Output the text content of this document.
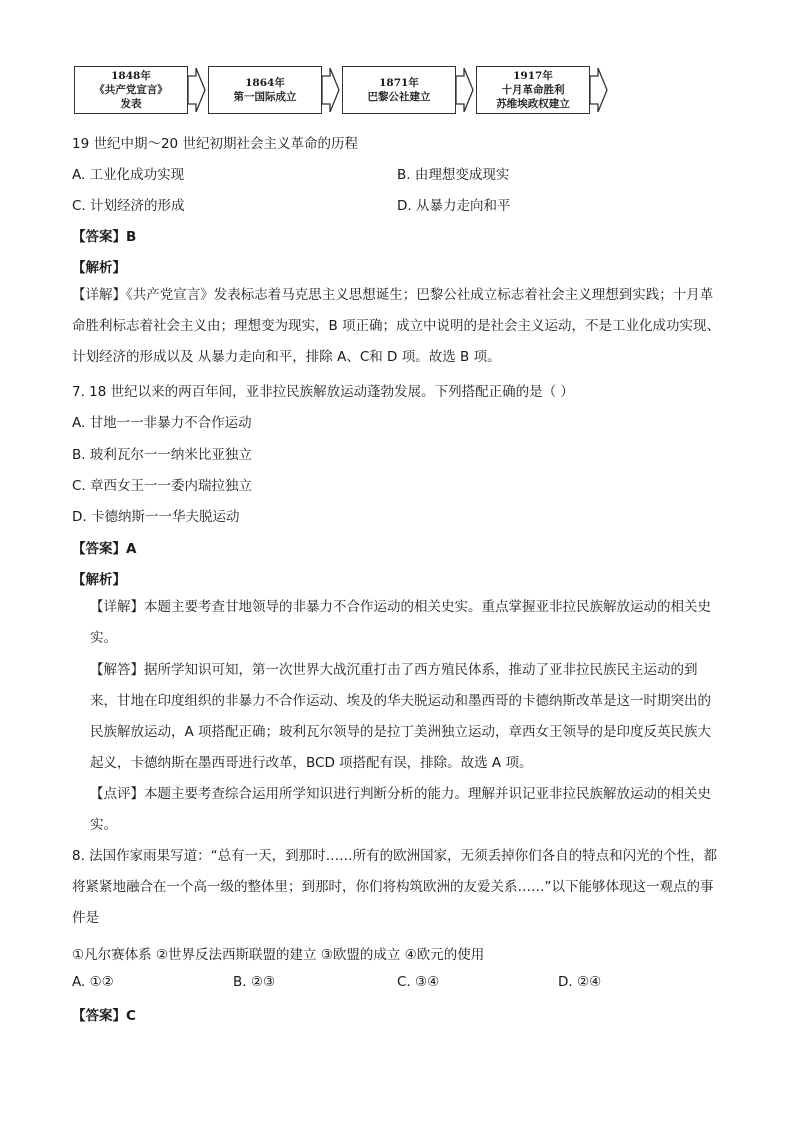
1848年
《共产党宣言》
发表
1864年
第一国际成立
1871年
巴黎公社建立
1917年
十月革命胜利
苏维埃政权建立
19 世纪中期～20 世纪初期社会主义革命的历程
A. 工业化成功实现	B. 由理想变成现实
C. 计划经济的形成	D. 从暴力走向和平
【答案】B
【解析】
【详解】《共产党宣言》发表标志着马克思主义思想诞生；巴黎公社成立标志着社会主义理想到实践；十月革命胜利标志着社会主义由；理想变为现实，B 项正确；成立中说明的是社会主义运动，不是工业化成功实现、计划经济的形成以及 从暴力走向和平，排除 A、C和 D 项。故选 B 项。
7. 18 世纪以来的两百年间，亚非拉民族解放运动蓬勃发展。下列搭配正确的是（ ）
A. 甘地一一非暴力不合作运动
B. 玻利瓦尔一一纳米比亚独立
C. 章西女王一一委内瑞拉独立
D. 卡德纳斯一一华夫脱运动
【答案】A
【解析】
【详解】本题主要考查甘地领导的非暴力不合作运动的相关史实。重点掌握亚非拉民族解放运动的相关史实。
【解答】据所学知识可知，第一次世界大战沉重打击了西方殖民体系，推动了亚非拉民族民主运动的到来，甘地在印度组织的非暴力不合作运动、埃及的华夫脱运动和墨西哥的卡德纳斯改革是这一时期突出的民族解放运动，A 项搭配正确；玻利瓦尔领导的是拉丁美洲独立运动，章西女王领导的是印度反英民族大起义，卡德纳斯在墨西哥进行改革，BCD 项搭配有误，排除。故选 A 项。
【点评】本题主要考查综合运用所学知识进行判断分析的能力。理解并识记亚非拉民族解放运动的相关史实。
8. 法国作家雨果写道：“总有一天，到那时……所有的欧洲国家，无须丢掉你们各自的特点和闪光的个性，都将紧紧地融合在一个高一级的整体里；到那时，你们将构筑欧洲的友爱关系……”以下能够体现这一观点的事件是
①凡尔赛体系 ②世界反法西斯联盟的建立 ③欧盟的成立 ④欧元的使用
A. ①②	B. ②③	C. ③④	D. ②④
【答案】C
